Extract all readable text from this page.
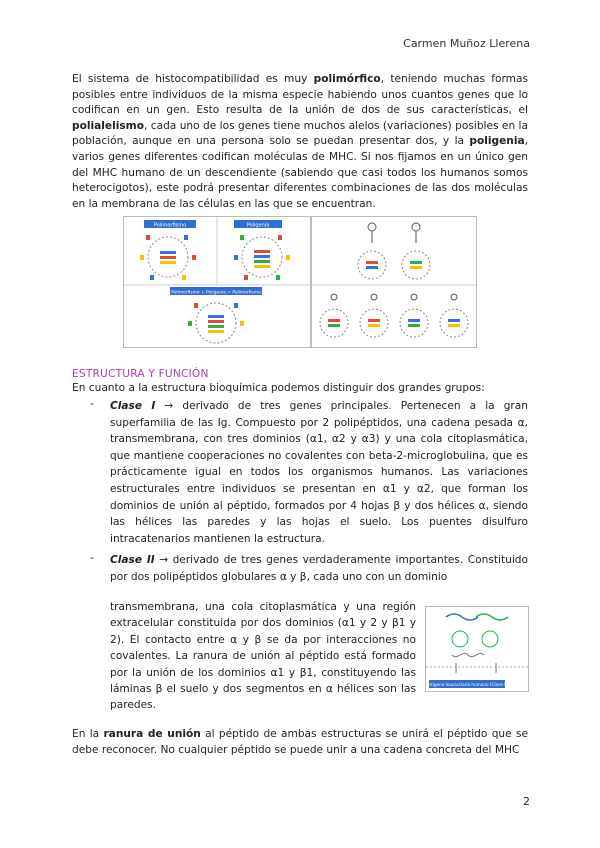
Carmen Muñoz Llerena
El sistema de histocompatibilidad es muy polimórfico, teniendo muchas formas posibles entre individuos de la misma especie habiendo unos cuantos genes que lo codifican en un gen. Esto resulta de la unión de dos de sus características, el polialelismo, cada uno de los genes tiene muchos alelos (variaciones) posibles en la población, aunque en una persona solo se puedan presentar dos, y la poligenia, varios genes diferentes codifican moléculas de MHC. Si nos fijamos en un único gen del MHC humano de un descendiente (sabiendo que casi todos los humanos somos heterocigotos), este podrá presentar diferentes combinaciones de las dos moléculas en la membrana de las células en las que se encuentran.
Polimorfismo	Poligenia
Polimorfismo + Poligenia = Polimorfismo
ESTRUCTURA Y FUNCIÓN
En cuanto a la estructura bioquímica podemos distinguir dos grandes grupos:
- Clase I → derivado de tres genes principales. Pertenecen a la gran superfamilia de las Ig. Compuesto por 2 polipéptidos, una cadena pesada α, transmembrana, con tres dominios (α1, α2 y α3) y una cola citoplasmática, que mantiene cooperaciones no covalentes con beta-2-microglobulina, que es prácticamente igual en todos los organismos humanos. Las variaciones estructurales entre individuos se presentan en α1 y α2, que forman los dominios de unión al péptido, formados por 4 hojas β y dos hélices α, siendo las hélices las paredes y las hojas el suelo. Los puentes disulfuro intracatenarios mantienen la estructura.
- Clase II → derivado de tres genes verdaderamente importantes. Constituido por dos polipéptidos globulares α y β, cada uno con un dominio
transmembrana, una cola citoplasmática y una región extracelular constituida por dos dominios (α1 y 2 y β1 y 2). El contacto entre α y β se da por interacciones no covalentes. La ranura de unión al péptido está formado por la unión de los dominios α1 y β1, constituyendo las láminas β el suelo y dos segmentos en α hélices son las paredes.
Antígeno leucocitario humano (Clase II)
En la ranura de unión al péptido de ambas estructuras se unirá el péptido que se debe reconocer. No cualquier péptido se puede unir a una cadena concreta del MHC
2
